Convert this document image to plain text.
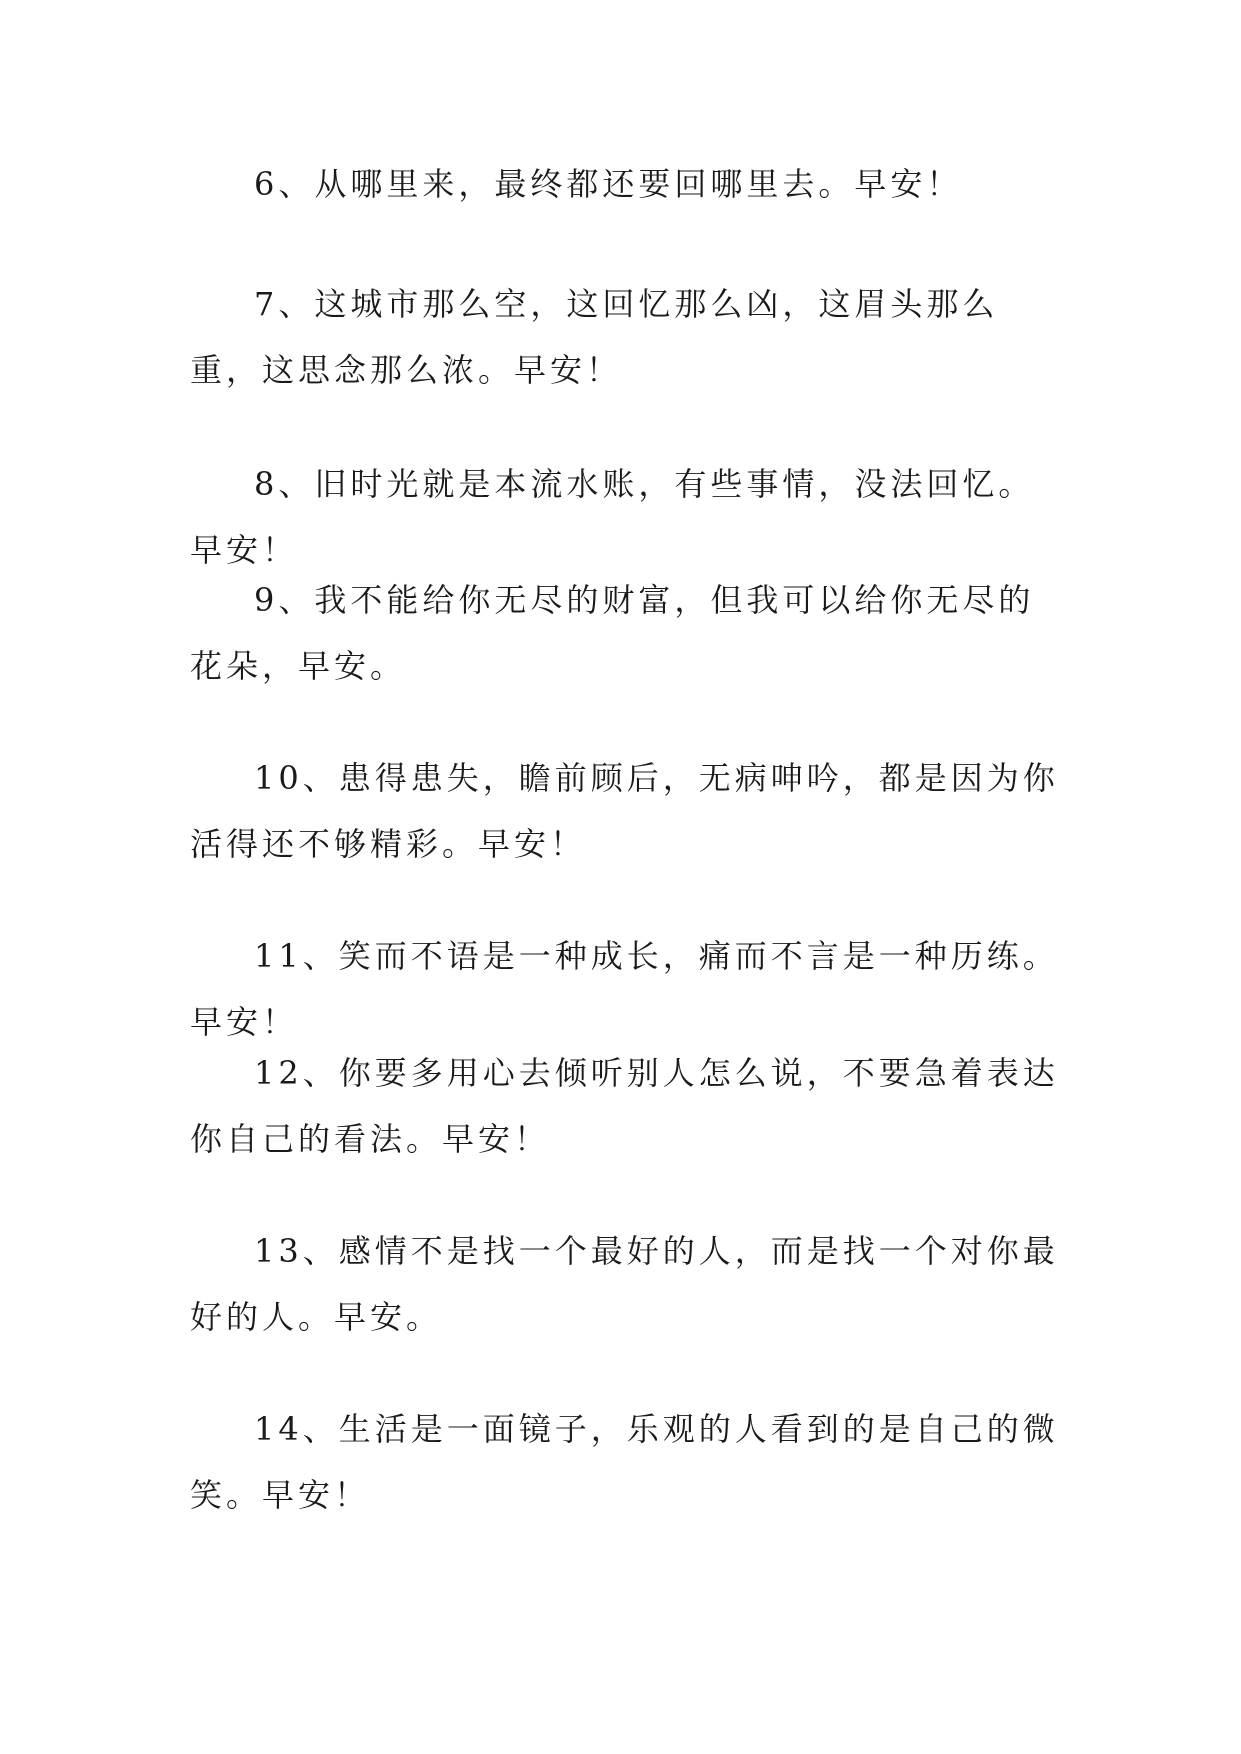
6、从哪里来，最终都还要回哪里去。早安！

7、这城市那么空，这回忆那么凶，这眉头那么重，这思念那么浓。早安！

8、旧时光就是本流水账，有些事情，没法回忆。早安！

9、我不能给你无尽的财富，但我可以给你无尽的花朵，早安。

10、患得患失，瞻前顾后，无病呻吟，都是因为你活得还不够精彩。早安！

11、笑而不语是一种成长，痛而不言是一种历练。早安！

12、你要多用心去倾听别人怎么说，不要急着表达你自己的看法。早安！

13、感情不是找一个最好的人，而是找一个对你最好的人。早安。

14、生活是一面镜子，乐观的人看到的是自己的微笑。早安！
